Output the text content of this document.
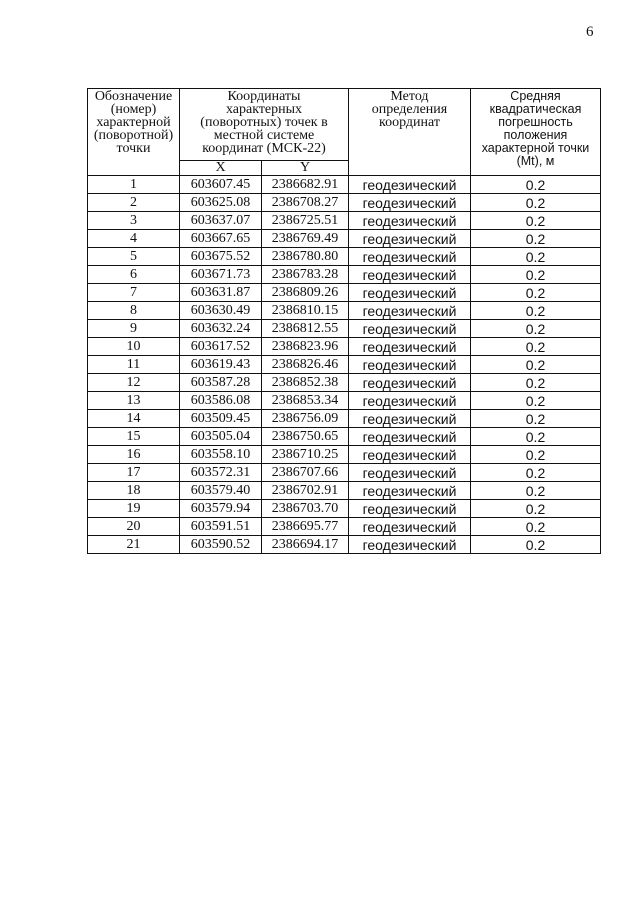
6
Обозначение (номер) характерной (поворотной) точки	Координаты характерных (поворотных) точек в местной системе координат (МСК-22)		Метод определения координат	Средняя квадратическая погрешность положения характерной точки (Mt), м

	X	Y		
1	603607.45	2386682.91	геодезический	0.2
2	603625.08	2386708.27	геодезический	0.2
3	603637.07	2386725.51	геодезический	0.2
4	603667.65	2386769.49	геодезический	0.2
5	603675.52	2386780.80	геодезический	0.2
6	603671.73	2386783.28	геодезический	0.2
7	603631.87	2386809.26	геодезический	0.2
8	603630.49	2386810.15	геодезический	0.2
9	603632.24	2386812.55	геодезический	0.2
10	603617.52	2386823.96	геодезический	0.2
11	603619.43	2386826.46	геодезический	0.2
12	603587.28	2386852.38	геодезический	0.2
13	603586.08	2386853.34	геодезический	0.2
14	603509.45	2386756.09	геодезический	0.2
15	603505.04	2386750.65	геодезический	0.2
16	603558.10	2386710.25	геодезический	0.2
17	603572.31	2386707.66	геодезический	0.2
18	603579.40	2386702.91	геодезический	0.2
19	603579.94	2386703.70	геодезический	0.2
20	603591.51	2386695.77	геодезический	0.2
21	603590.52	2386694.17	геодезический	0.2
